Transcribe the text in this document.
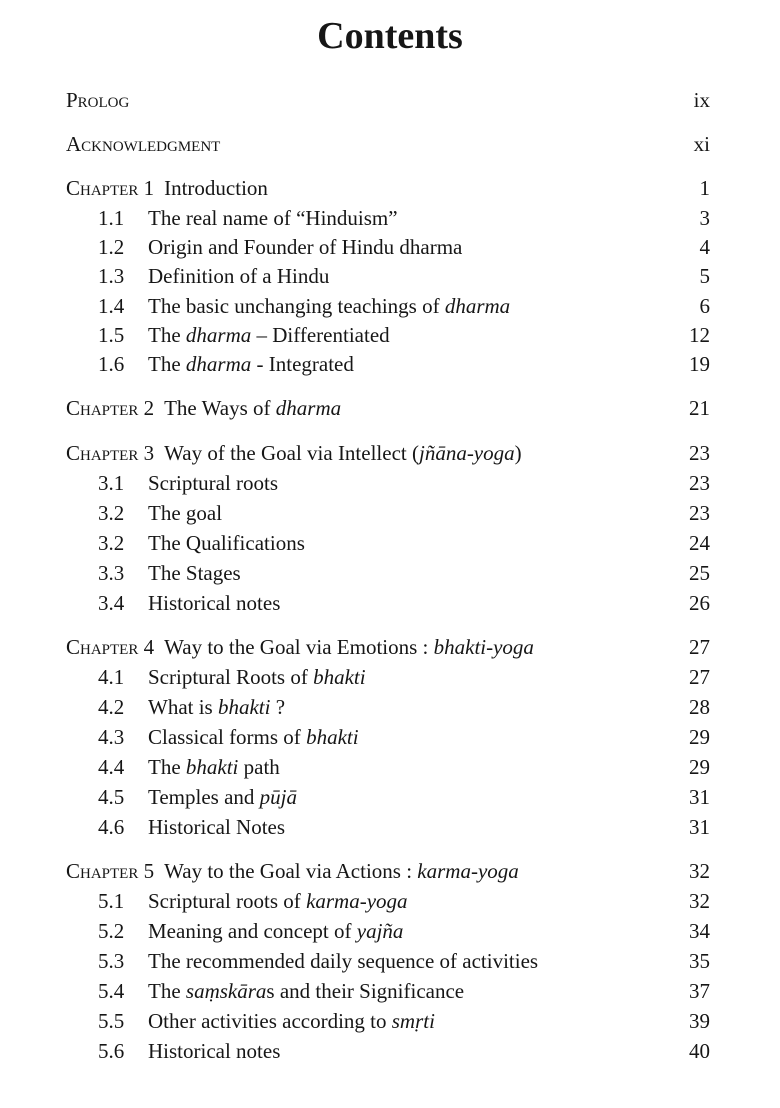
Contents
Prolog	ix
Acknowledgment	xi
Chapter 1 Introduction	1
1.1	The real name of “Hinduism”	3
1.2	Origin and Founder of Hindu dharma	4
1.3	Definition of a Hindu	5
1.4	The basic unchanging teachings of dharma	6
1.5	The dharma – Differentiated	12
1.6	The dharma - Integrated	19
Chapter 2 The Ways of dharma	21
Chapter 3 Way of the Goal via Intellect (jñāna-yoga)	23
3.1	Scriptural roots	23
3.2	The goal	23
3.2	The Qualifications	24
3.3	The Stages	25
3.4	Historical notes	26
Chapter 4 Way to the Goal via Emotions : bhakti-yoga	27
4.1	Scriptural Roots of bhakti	27
4.2	What is bhakti ?	28
4.3	Classical forms of bhakti	29
4.4	The bhakti path	29
4.5	Temples and pūjā	31
4.6	Historical Notes	31
Chapter 5 Way to the Goal via Actions : karma-yoga	32
5.1	Scriptural roots of karma-yoga	32
5.2	Meaning and concept of yajña	34
5.3	The recommended daily sequence of activities	35
5.4	The saṃskāras and their Significance	37
5.5	Other activities according to smṛti	39
5.6	Historical notes	40
